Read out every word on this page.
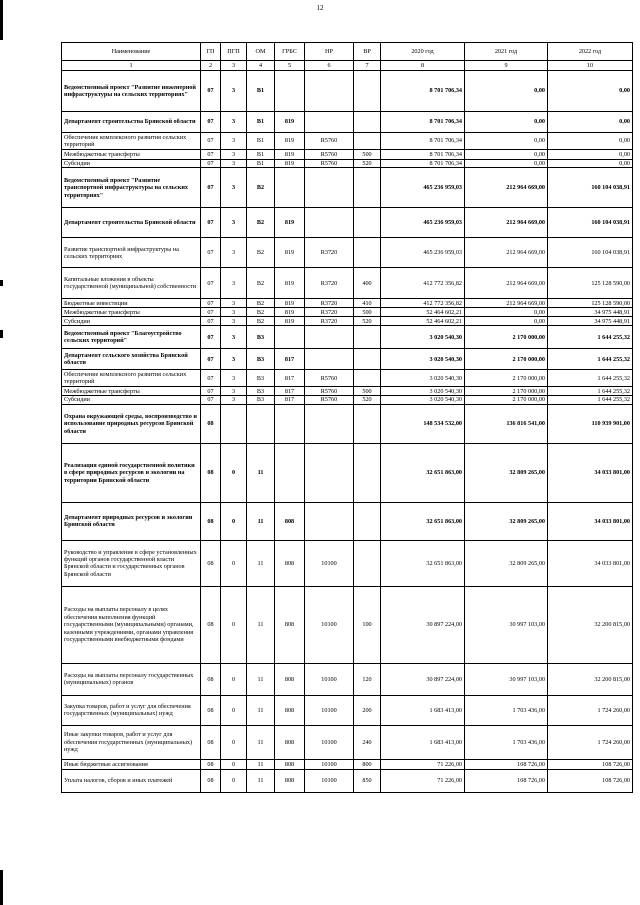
12
Наименование	ГП	ПГП	ОМ	ГРБС	НР	ВР	2020 год	2021 год	2022 год
1	2	3	4	5	6	7	8	9	10
Ведомственный проект "Развитие инженерной инфраструктуры на сельских территориях"	07	3	В1				8 701 706,34	0,00	0,00
Департамент строительства Брянской области	07	3	В1	819			8 701 706,34	0,00	0,00
Обеспечение комплексного развития сельских территорий	07	3	В1	819	R5760		8 701 706,34	0,00	0,00
Межбюджетные трансферты	07	3	В1	819	R5760	500	8 701 706,34	0,00	0,00
Субсидии	07	3	В1	819	R5760	520	8 701 706,34	0,00	0,00
Ведомственный проект "Развитие транспортной инфраструктуры на сельских территориях"	07	3	В2				465 236 959,03	212 964 669,00	160 104 038,91
Департамент строительства Брянской области	07	3	В2	819			465 236 959,03	212 964 669,00	160 104 038,91
Развитие транспортной инфраструктуры на сельских территориях	07	3	В2	819	R3720		465 236 959,03	212 964 669,00	160 104 038,91
Капитальные вложения в объекты государственной (муниципальной) собственности	07	3	В2	819	R3720	400	412 772 356,82	212 964 669,00	125 128 590,00
Бюджетные инвестиции	07	3	В2	819	R3720	410	412 772 356,82	212 964 669,00	125 128 590,00
Межбюджетные трансферты	07	3	В2	819	R3720	500	52 464 602,21	0,00	34 975 448,91
Субсидии	07	3	В2	819	R3720	520	52 464 602,21	0,00	34 975 448,91
Ведомственный проект "Благоустройство сельских территорий"	07	3	В3				3 020 540,30	2 170 000,00	1 644 255,32
Департамент сельского хозяйства Брянской области	07	3	В3	817			3 020 540,30	2 170 000,00	1 644 255,32
Обеспечение комплексного развития сельских территорий	07	3	В3	817	R5760		3 020 540,30	2 170 000,00	1 644 255,32
Межбюджетные трансферты	07	3	В3	817	R5760	500	3 020 540,30	2 170 000,00	1 644 255,32
Субсидии	07	3	В3	817	R5760	520	3 020 540,30	2 170 000,00	1 644 255,32
Охрана окружающей среды, воспроизводство и использование природных ресурсов Брянской области	08						148 534 532,00	136 816 541,00	110 939 901,00
Реализация единой государственной политики в сфере природных ресурсов и экологии на территории Брянской области	08	0	11				32 651 863,00	32 809 265,00	34 033 801,00
Департамент природных ресурсов и экологии Брянской области	08	0	11	808			32 651 863,00	32 809 265,00	34 033 801,00
Руководство и управление в сфере установленных функций органов государственной власти Брянской области и государственных органов Брянской области	08	0	11	808	10100		32 651 863,00	32 809 265,00	34 033 801,00
Расходы на выплаты персоналу в целях обеспечения выполнения функций государственными (муниципальными) органами, казенными учреждениями, органами управления государственными внебюджетными фондами	08	0	11	808	10100	100	30 897 224,00	30 997 103,00	32 200 815,00
Расходы на выплаты персоналу государственных (муниципальных) органов	08	0	11	808	10100	120	30 897 224,00	30 997 103,00	32 200 815,00
Закупка товаров, работ и услуг для обеспечения государственных (муниципальных) нужд	08	0	11	808	10100	200	1 683 413,00	1 703 436,00	1 724 260,00
Иные закупки товаров, работ и услуг для обеспечения государственных (муниципальных) нужд	08	0	11	808	10100	240	1 683 413,00	1 703 436,00	1 724 260,00
Иные бюджетные ассигнования	08	0	11	808	10100	800	71 226,00	108 726,00	108 726,00
Уплата налогов, сборов и иных платежей	08	0	11	808	10100	850	71 226,00	108 726,00	108 726,00
